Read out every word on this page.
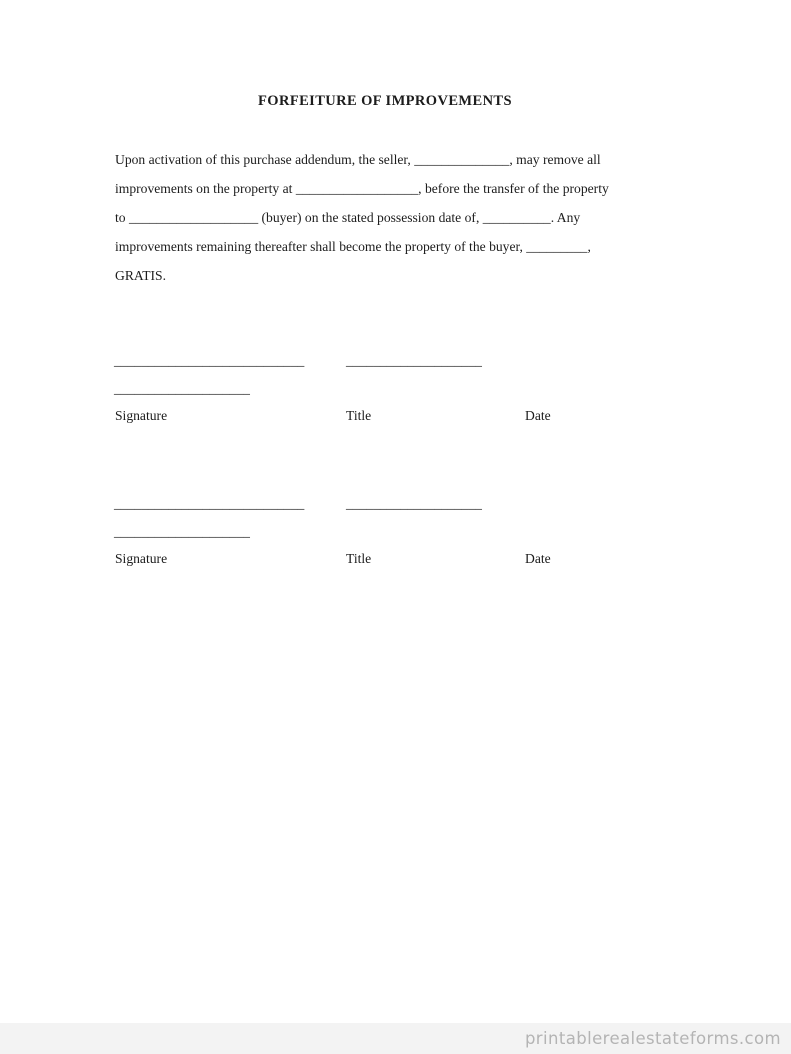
FORFEITURE OF IMPROVEMENTS
Upon activation of this purchase addendum, the seller, ______________, may remove all
improvements on the property at __________________, before the transfer of the property
to ___________________ (buyer) on the stated possession date of, __________. Any
improvements remaining thereafter shall become the property of the buyer, _________,
GRATIS.
____________________________	____________________
____________________
Signature	Title	Date
____________________________	____________________
____________________
Signature	Title	Date
printablerealestateforms.com
